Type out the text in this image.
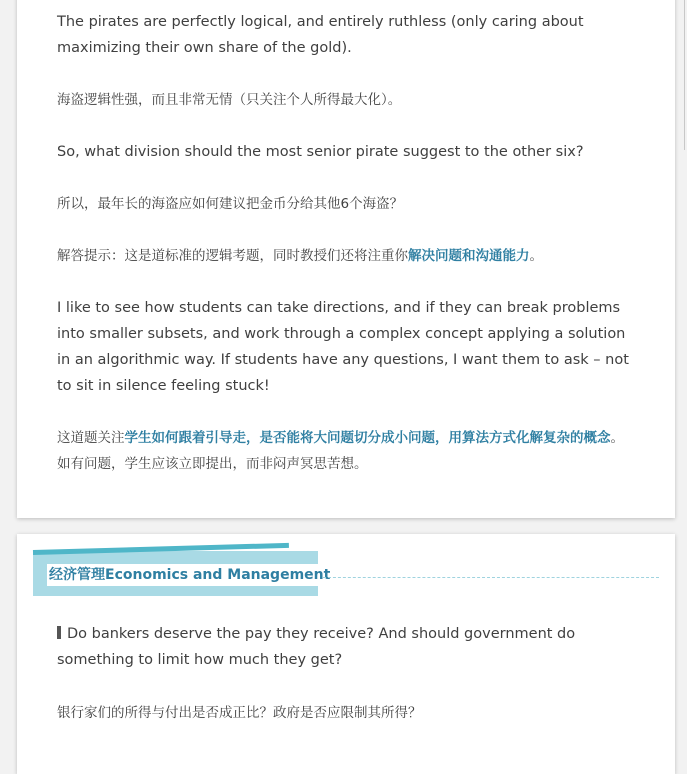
The pirates are perfectly logical, and entirely ruthless (only caring about maximizing their own share of the gold).

海盗逻辑性强，而且非常无情（只关注个人所得最大化）。

So, what division should the most senior pirate suggest to the other six?

所以，最年长的海盗应如何建议把金币分给其他6个海盗？

解答提示：这是道标准的逻辑考题，同时教授们还将注重你解决问题和沟通能力。

I like to see how students can take directions, and if they can break problems into smaller subsets, and work through a complex concept applying a solution in an algorithmic way. If students have any questions, I want them to ask – not to sit in silence feeling stuck!

这道题关注学生如何跟着引导走，是否能将大问题切分成小问题，用算法方式化解复杂的概念。如有问题，学生应该立即提出，而非闷声冥思苦想。

经济管理Economics and Management

Do bankers deserve the pay they receive? And should government do something to limit how much they get?

银行家们的所得与付出是否成正比？政府是否应限制其所得？
